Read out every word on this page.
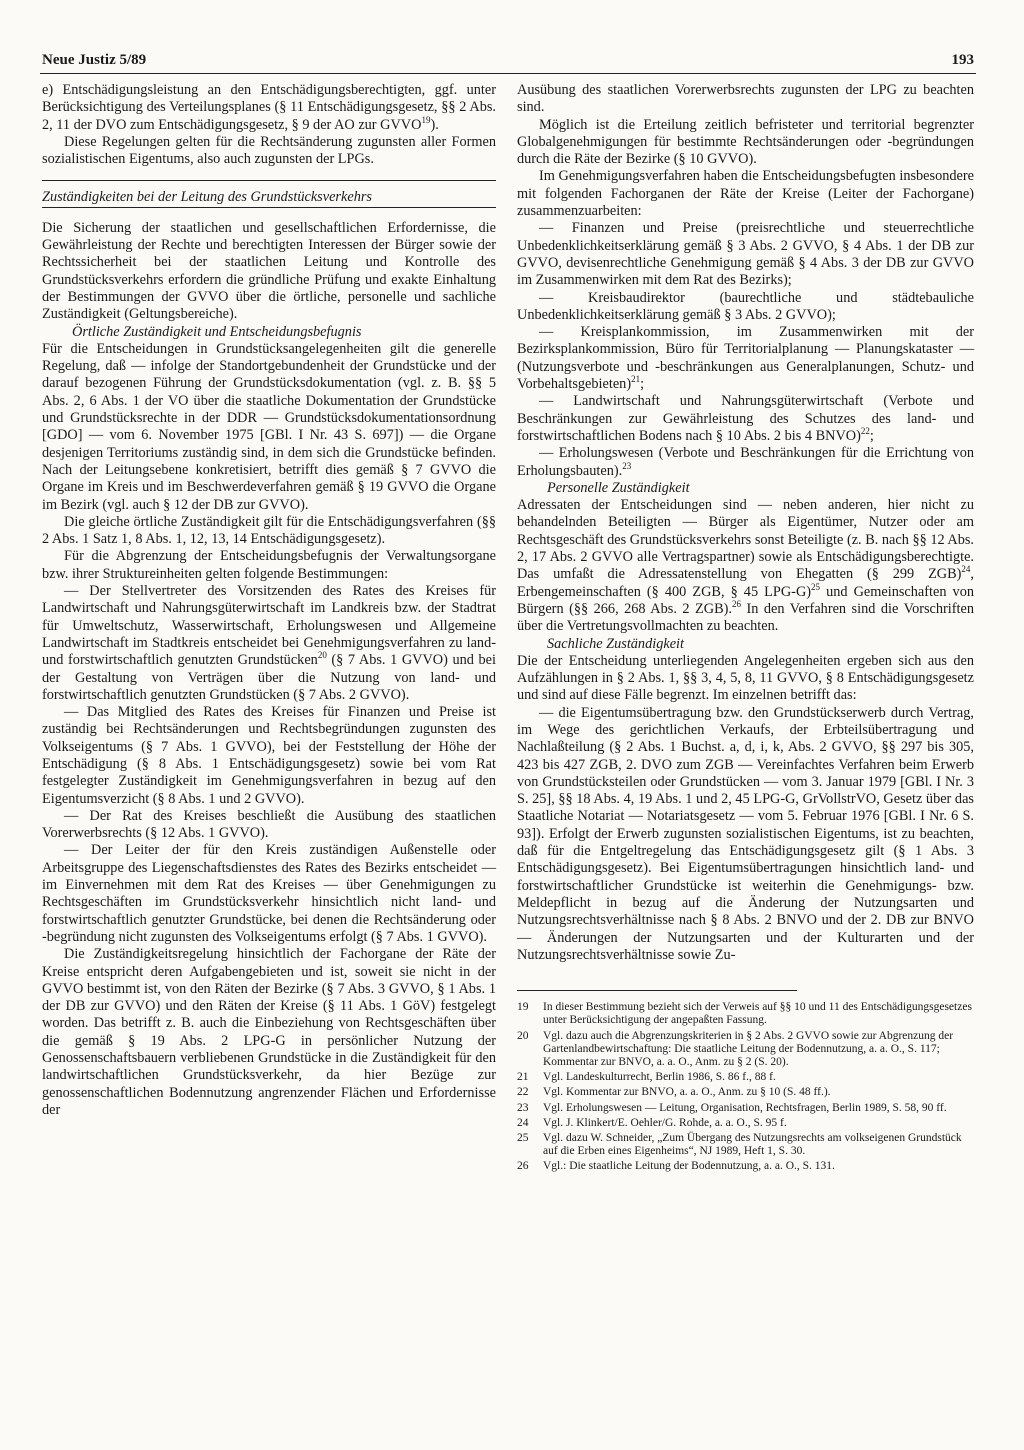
Neue Justiz 5/89	193

e) Entschädigungsleistung an den Entschädigungsberechtigten, ggf. unter Berücksichtigung des Verteilungsplanes (§ 11 Entschädigungsgesetz, §§ 2 Abs. 2, 11 der DVO zum Entschädigungsgesetz, § 9 der AO zur GVVO$^{19}$).

Diese Regelungen gelten für die Rechtsänderung zugunsten aller Formen sozialistischen Eigentums, also auch zugunsten der LPGs.

Zuständigkeiten bei der Leitung des Grundstücksverkehrs

Die Sicherung der staatlichen und gesellschaftlichen Erfordernisse, die Gewährleistung der Rechte und berechtigten Interessen der Bürger sowie der Rechtssicherheit bei der staatlichen Leitung und Kontrolle des Grundstücksverkehrs erfordern die gründliche Prüfung und exakte Einhaltung der Bestimmungen der GVVO über die örtliche, personelle und sachliche Zuständigkeit (Geltungsbereiche).

Örtliche Zuständigkeit und Entscheidungsbefugnis

Für die Entscheidungen in Grundstücksangelegenheiten gilt die generelle Regelung, daß — infolge der Standortgebundenheit der Grundstücke und der darauf bezogenen Führung der Grundstücksdokumentation (vgl. z. B. §§ 5 Abs. 2, 6 Abs. 1 der VO über die staatliche Dokumentation der Grundstücke und Grundstücksrechte in der DDR — Grundstücksdokumentationsordnung [GDO] — vom 6. November 1975 [GBl. I Nr. 43 S. 697]) — die Organe desjenigen Territoriums zuständig sind, in dem sich die Grundstücke befinden. Nach der Leitungsebene konkretisiert, betrifft dies gemäß § 7 GVVO die Organe im Kreis und im Beschwerdeverfahren gemäß § 19 GVVO die Organe im Bezirk (vgl. auch § 12 der DB zur GVVO).

Die gleiche örtliche Zuständigkeit gilt für die Entschädigungsverfahren (§§ 2 Abs. 1 Satz 1, 8 Abs. 1, 12, 13, 14 Entschädigungsgesetz).

Für die Abgrenzung der Entscheidungsbefugnis der Verwaltungsorgane bzw. ihrer Struktureinheiten gelten folgende Bestimmungen:

— Der Stellvertreter des Vorsitzenden des Rates des Kreises für Landwirtschaft und Nahrungsgüterwirtschaft im Landkreis bzw. der Stadtrat für Umweltschutz, Wasserwirtschaft, Erholungswesen und Allgemeine Landwirtschaft im Stadtkreis entscheidet bei Genehmigungsverfahren zu land- und forstwirtschaftlich genutzten Grundstücken$^{20}$ (§ 7 Abs. 1 GVVO) und bei der Gestaltung von Verträgen über die Nutzung von land- und forstwirtschaftlich genutzten Grundstücken (§ 7 Abs. 2 GVVO).

— Das Mitglied des Rates des Kreises für Finanzen und Preise ist zuständig bei Rechtsänderungen und Rechtsbegründungen zugunsten des Volkseigentums (§ 7 Abs. 1 GVVO), bei der Feststellung der Höhe der Entschädigung (§ 8 Abs. 1 Entschädigungsgesetz) sowie bei vom Rat festgelegter Zuständigkeit im Genehmigungsverfahren in bezug auf den Eigentumsverzicht (§ 8 Abs. 1 und 2 GVVO).

— Der Rat des Kreises beschließt die Ausübung des staatlichen Vorerwerbsrechts (§ 12 Abs. 1 GVVO).

— Der Leiter der für den Kreis zuständigen Außenstelle oder Arbeitsgruppe des Liegenschaftsdienstes des Rates des Bezirks entscheidet — im Einvernehmen mit dem Rat des Kreises — über Genehmigungen zu Rechtsgeschäften im Grundstücksverkehr hinsichtlich nicht land- und forstwirtschaftlich genutzter Grundstücke, bei denen die Rechtsänderung oder -begründung nicht zugunsten des Volkseigentums erfolgt (§ 7 Abs. 1 GVVO).

Die Zuständigkeitsregelung hinsichtlich der Fachorgane der Räte der Kreise entspricht deren Aufgabengebieten und ist, soweit sie nicht in der GVVO bestimmt ist, von den Räten der Bezirke (§ 7 Abs. 3 GVVO, § 1 Abs. 1 der DB zur GVVO) und den Räten der Kreise (§ 11 Abs. 1 GöV) festgelegt worden. Das betrifft z. B. auch die Einbeziehung von Rechtsgeschäften über die gemäß § 19 Abs. 2 LPG-G in persönlicher Nutzung der Genossenschaftsbauern verbliebenen Grundstücke in die Zuständigkeit für den landwirtschaftlichen Grundstücksverkehr, da hier Bezüge zur genossenschaftlichen Bodennutzung angrenzender Flächen und Erfordernisse der

Ausübung des staatlichen Vorerwerbsrechts zugunsten der LPG zu beachten sind.

Möglich ist die Erteilung zeitlich befristeter und territorial begrenzter Globalgenehmigungen für bestimmte Rechtsänderungen oder -begründungen durch die Räte der Bezirke (§ 10 GVVO).

Im Genehmigungsverfahren haben die Entscheidungsbefugten insbesondere mit folgenden Fachorganen der Räte der Kreise (Leiter der Fachorgane) zusammenzuarbeiten:

— Finanzen und Preise (preisrechtliche und steuerrechtliche Unbedenklichkeitserklärung gemäß § 3 Abs. 2 GVVO, § 4 Abs. 1 der DB zur GVVO, devisenrechtliche Genehmigung gemäß § 4 Abs. 3 der DB zur GVVO im Zusammenwirken mit dem Rat des Bezirks);

— Kreisbaudirektor (baurechtliche und städtebauliche Unbedenklichkeitserklärung gemäß § 3 Abs. 2 GVVO);

— Kreisplankommission, im Zusammenwirken mit der Bezirksplankommission, Büro für Territorialplanung — Planungskataster — (Nutzungsverbote und -beschränkungen aus Generalplanungen, Schutz- und Vorbehaltsgebieten)$^{21}$;

— Landwirtschaft und Nahrungsgüterwirtschaft (Verbote und Beschränkungen zur Gewährleistung des Schutzes des land- und forstwirtschaftlichen Bodens nach § 10 Abs. 2 bis 4 BNVO)$^{22}$;

— Erholungswesen (Verbote und Beschränkungen für die Errichtung von Erholungsbauten).$^{23}$

Personelle Zuständigkeit

Adressaten der Entscheidungen sind — neben anderen, hier nicht zu behandelnden Beteiligten — Bürger als Eigentümer, Nutzer oder am Rechtsgeschäft des Grundstücksverkehrs sonst Beteiligte (z. B. nach §§ 12 Abs. 2, 17 Abs. 2 GVVO alle Vertragspartner) sowie als Entschädigungsberechtigte. Das umfaßt die Adressatenstellung von Ehegatten (§ 299 ZGB)$^{24}$, Erbengemeinschaften (§ 400 ZGB, § 45 LPG-G)$^{25}$ und Gemeinschaften von Bürgern (§§ 266, 268 Abs. 2 ZGB).$^{26}$ In den Verfahren sind die Vorschriften über die Vertretungsvollmachten zu beachten.

Sachliche Zuständigkeit

Die der Entscheidung unterliegenden Angelegenheiten ergeben sich aus den Aufzählungen in § 2 Abs. 1, §§ 3, 4, 5, 8, 11 GVVO, § 8 Entschädigungsgesetz und sind auf diese Fälle begrenzt. Im einzelnen betrifft das:

— die Eigentumsübertragung bzw. den Grundstückserwerb durch Vertrag, im Wege des gerichtlichen Verkaufs, der Erbteilsübertragung und Nachlaßteilung (§ 2 Abs. 1 Buchst. a, d, i, k, Abs. 2 GVVO, §§ 297 bis 305, 423 bis 427 ZGB, 2. DVO zum ZGB — Vereinfachtes Verfahren beim Erwerb von Grundstücksteilen oder Grundstücken — vom 3. Januar 1979 [GBl. I Nr. 3 S. 25], §§ 18 Abs. 4, 19 Abs. 1 und 2, 45 LPG-G, GrVollstrVO, Gesetz über das Staatliche Notariat — Notariatsgesetz — vom 5. Februar 1976 [GBl. I Nr. 6 S. 93]). Erfolgt der Erwerb zugunsten sozialistischen Eigentums, ist zu beachten, daß für die Entgeltregelung das Entschädigungsgesetz gilt (§ 1 Abs. 3 Entschädigungsgesetz). Bei Eigentumsübertragungen hinsichtlich land- und forstwirtschaftlicher Grundstücke ist weiterhin die Genehmigungs- bzw. Meldepflicht in bezug auf die Änderung der Nutzungsarten und Nutzungsrechtsverhältnisse nach § 8 Abs. 2 BNVO und der 2. DB zur BNVO — Änderungen der Nutzungsarten und der Kulturarten und der Nutzungsrechtsverhältnisse sowie Zu-

19	In dieser Bestimmung bezieht sich der Verweis auf §§ 10 und 11 des Entschädigungsgesetzes unter Berücksichtigung der angepaßten Fassung.
20	Vgl. dazu auch die Abgrenzungskriterien in § 2 Abs. 2 GVVO sowie zur Abgrenzung der Gartenlandbewirtschaftung: Die staatliche Leitung der Bodennutzung, a. a. O., S. 117; Kommentar zur BNVO, a. a. O., Anm. zu § 2 (S. 20).
21	Vgl. Landeskulturrecht, Berlin 1986, S. 86 f., 88 f.
22	Vgl. Kommentar zur BNVO, a. a. O., Anm. zu § 10 (S. 48 ff.).
23	Vgl. Erholungswesen — Leitung, Organisation, Rechtsfragen, Berlin 1989, S. 58, 90 ff.
24	Vgl. J. Klinkert/E. Oehler/G. Rohde, a. a. O., S. 95 f.
25	Vgl. dazu W. Schneider, „Zum Übergang des Nutzungsrechts am volkseigenen Grundstück auf die Erben eines Eigenheims“, NJ 1989, Heft 1, S. 30.
26	Vgl.: Die staatliche Leitung der Bodennutzung, a. a. O., S. 131.
